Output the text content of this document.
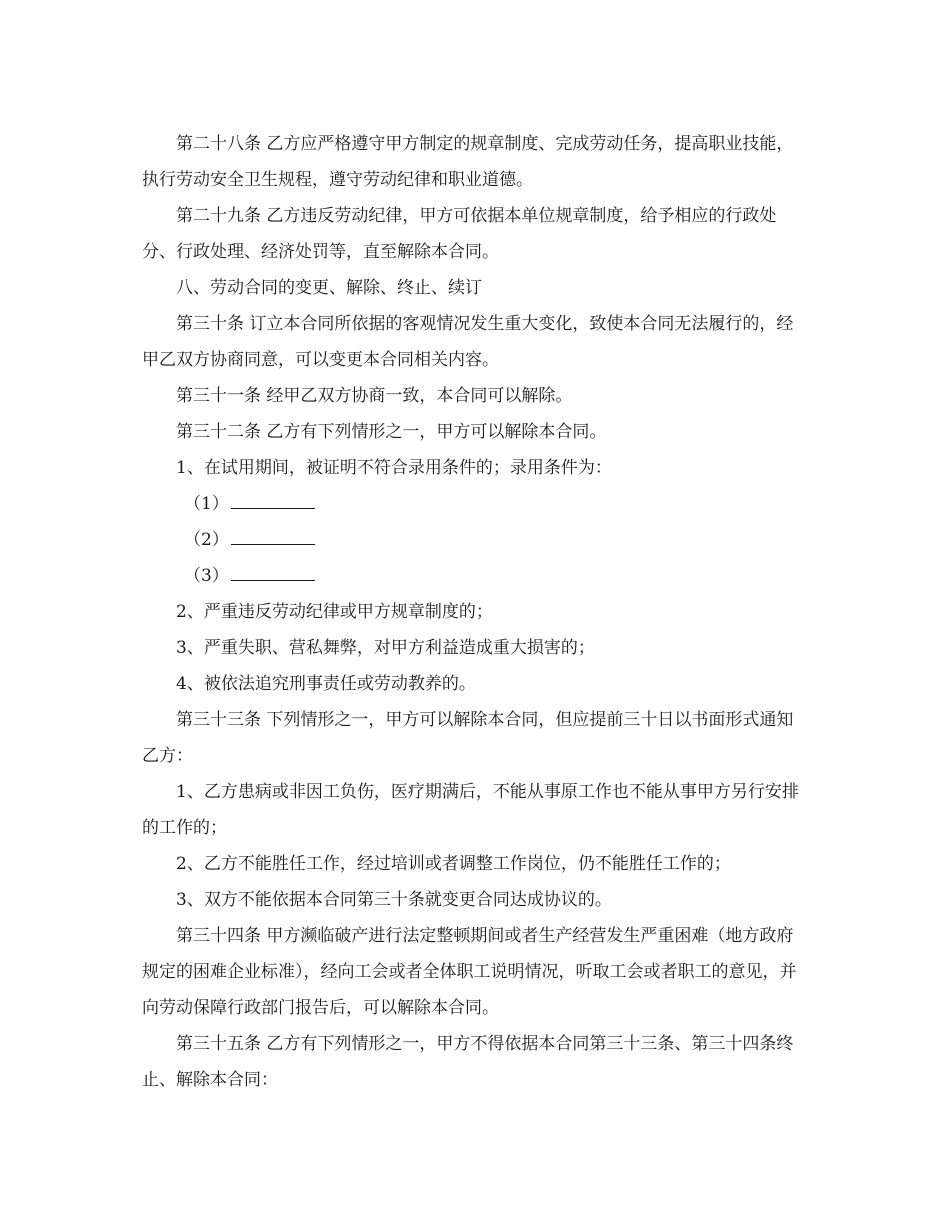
第二十八条 乙方应严格遵守甲方制定的规章制度、完成劳动任务，提高职业技能，执行劳动安全卫生规程，遵守劳动纪律和职业道德。

第二十九条 乙方违反劳动纪律，甲方可依据本单位规章制度，给予相应的行政处分、行政处理、经济处罚等，直至解除本合同。

八、劳动合同的变更、解除、终止、续订

第三十条 订立本合同所依据的客观情况发生重大变化，致使本合同无法履行的，经甲乙双方协商同意，可以变更本合同相关内容。

第三十一条 经甲乙双方协商一致，本合同可以解除。

第三十二条 乙方有下列情形之一，甲方可以解除本合同。

1、在试用期间，被证明不符合录用条件的；录用条件为：

（1）

（2）

（3）

2、严重违反劳动纪律或甲方规章制度的；

3、严重失职、营私舞弊，对甲方利益造成重大损害的；

4、被依法追究刑事责任或劳动教养的。

第三十三条 下列情形之一，甲方可以解除本合同，但应提前三十日以书面形式通知乙方：

1、乙方患病或非因工负伤，医疗期满后，不能从事原工作也不能从事甲方另行安排的工作的；

2、乙方不能胜任工作，经过培训或者调整工作岗位，仍不能胜任工作的；

3、双方不能依据本合同第三十条就变更合同达成协议的。

第三十四条 甲方濒临破产进行法定整顿期间或者生产经营发生严重困难（地方政府规定的困难企业标准），经向工会或者全体职工说明情况，听取工会或者职工的意见，并向劳动保障行政部门报告后，可以解除本合同。

第三十五条 乙方有下列情形之一，甲方不得依据本合同第三十三条、第三十四条终止、解除本合同：
